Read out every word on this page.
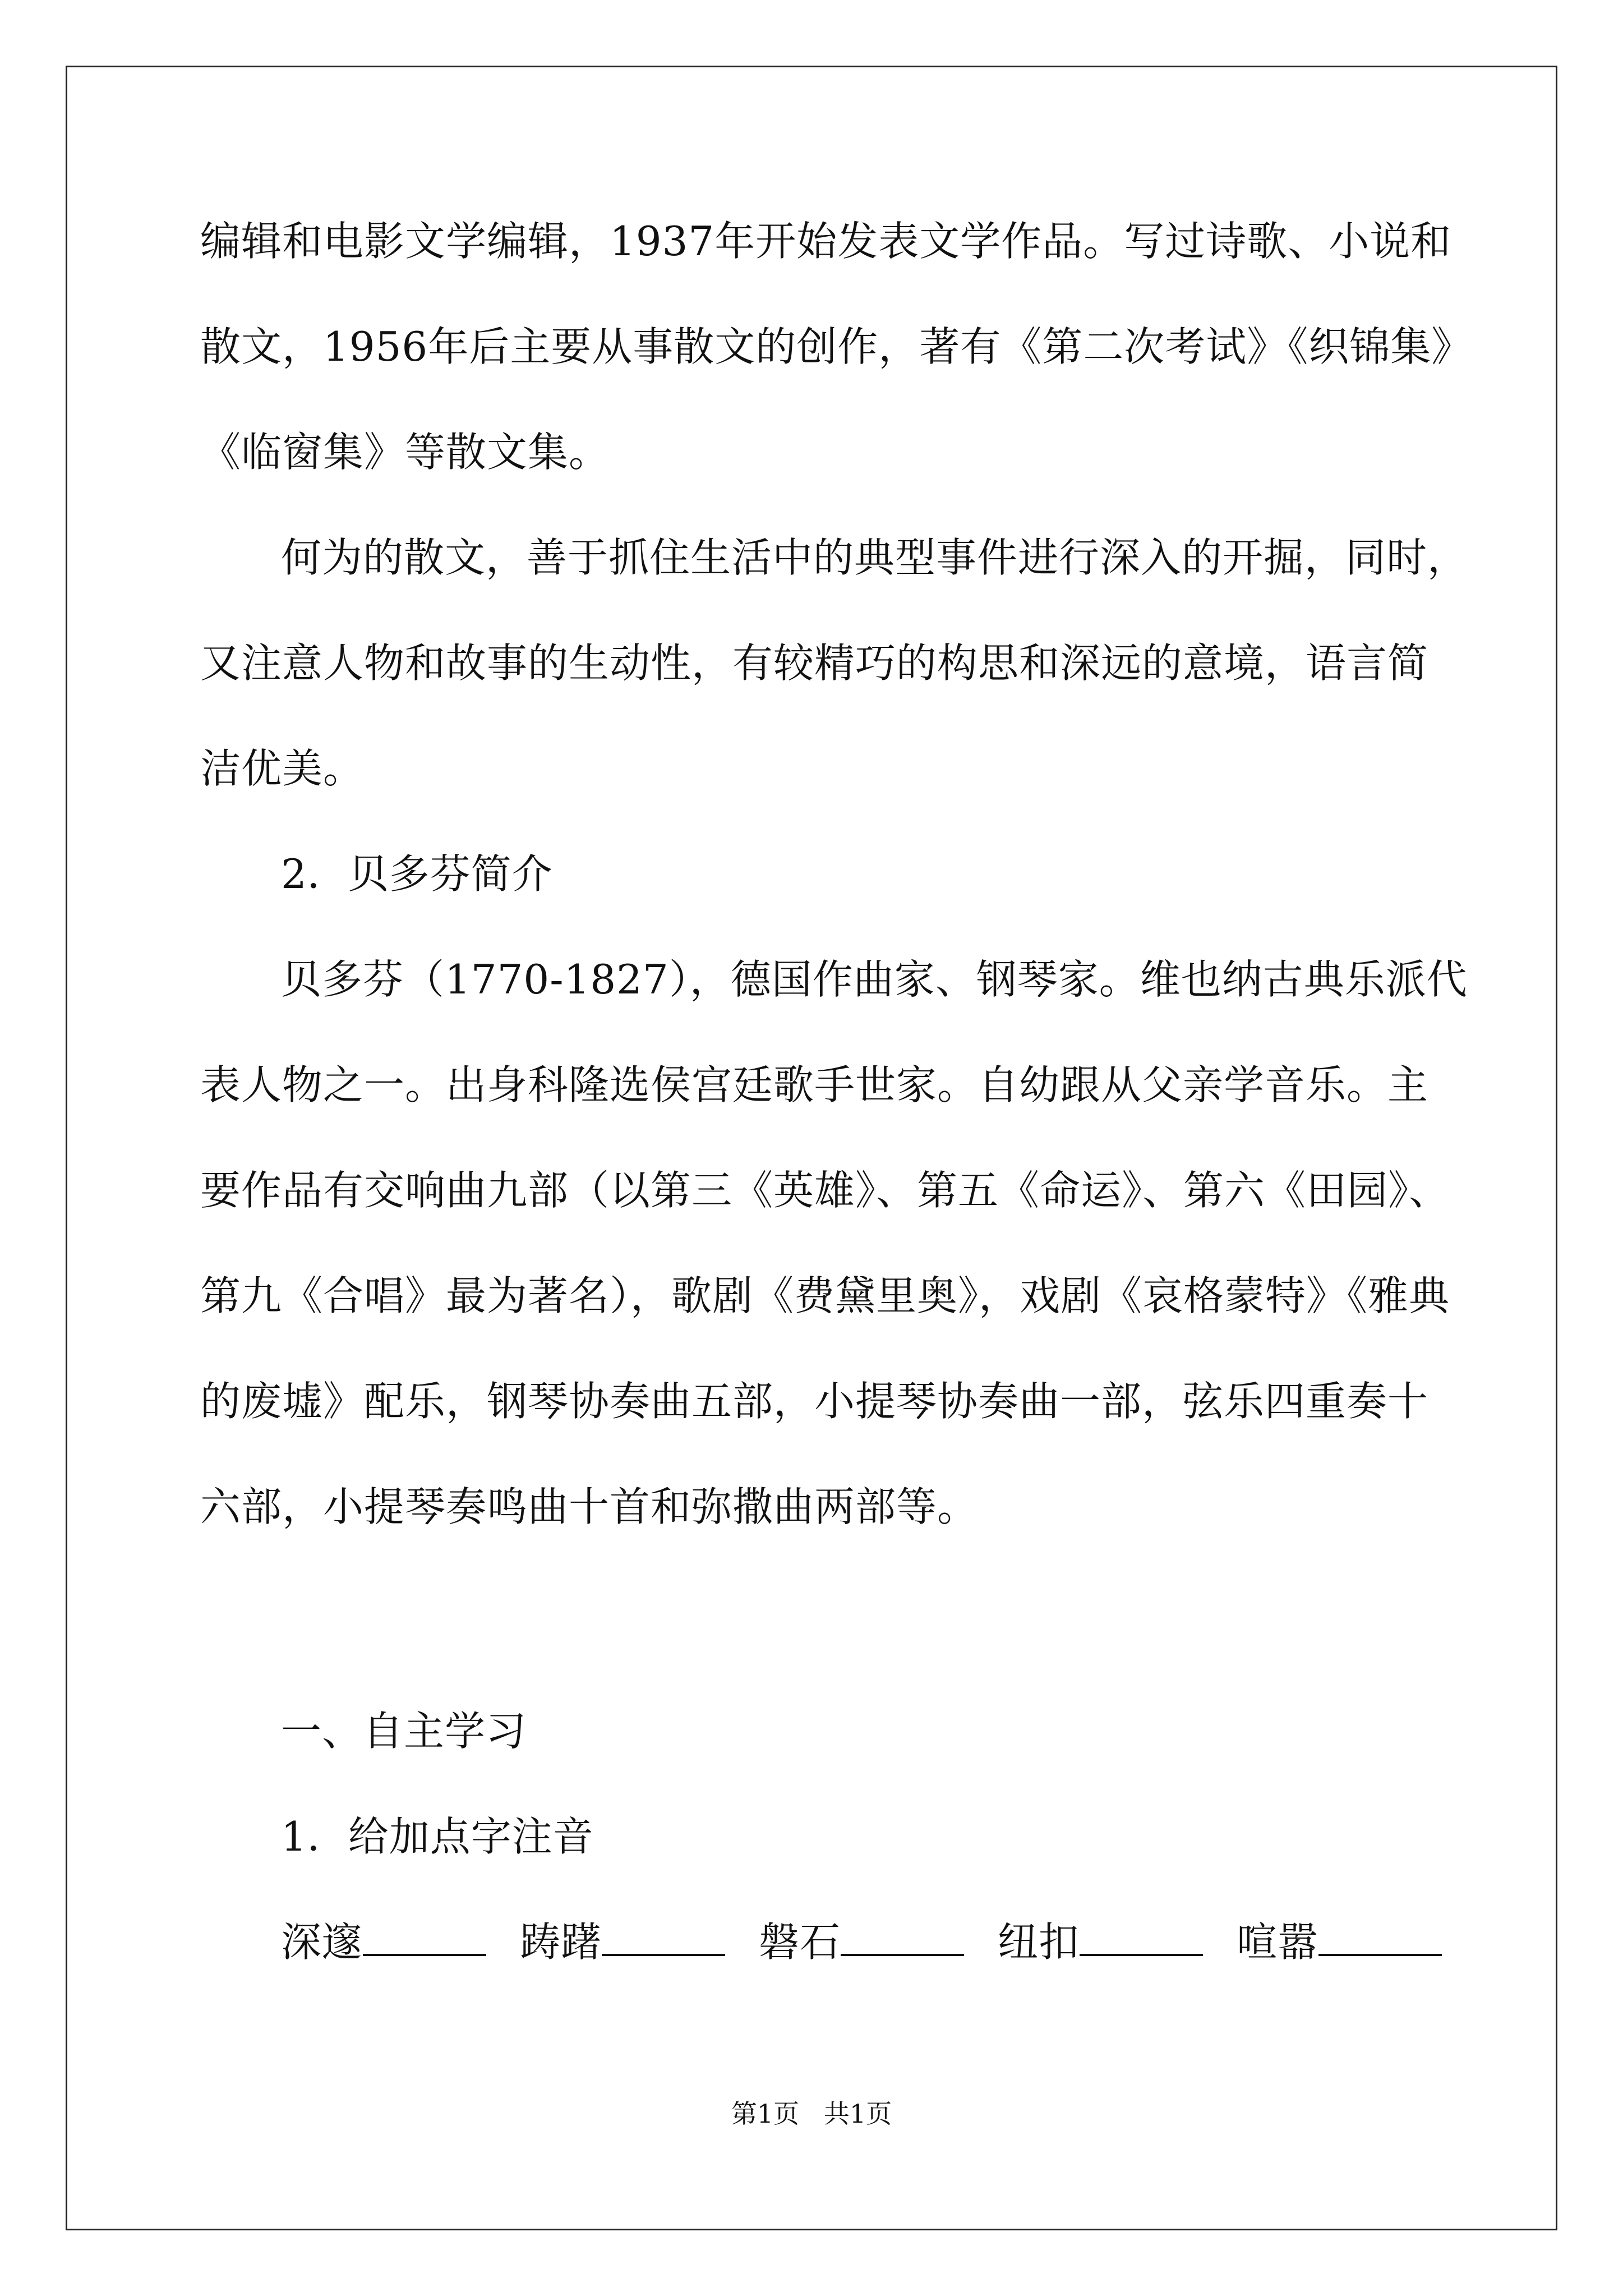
编辑和电影文学编辑，1937年开始发表文学作品。写过诗歌、小说和
散文，1956年后主要从事散文的创作，著有《第二次考试》《织锦集》
《临窗集》等散文集。
何为的散文，善于抓住生活中的典型事件进行深入的开掘，同时，
又注意人物和故事的生动性，有较精巧的构思和深远的意境，语言简
洁优美。
2．贝多芬简介
贝多芬（1770-1827），德国作曲家、钢琴家。维也纳古典乐派代
表人物之一。出身科隆选侯宫廷歌手世家。自幼跟从父亲学音乐。主
要作品有交响曲九部（以第三《英雄》、第五《命运》、第六《田园》、
第九《合唱》最为著名），歌剧《费黛里奥》，戏剧《哀格蒙特》《雅典
的废墟》配乐，钢琴协奏曲五部，小提琴协奏曲一部，弦乐四重奏十
六部，小提琴奏鸣曲十首和弥撒曲两部等。
一、自主学习
1．给加点字注音
深邃	踌躇	磐石	纽扣	喧嚣
第1页   共1页
